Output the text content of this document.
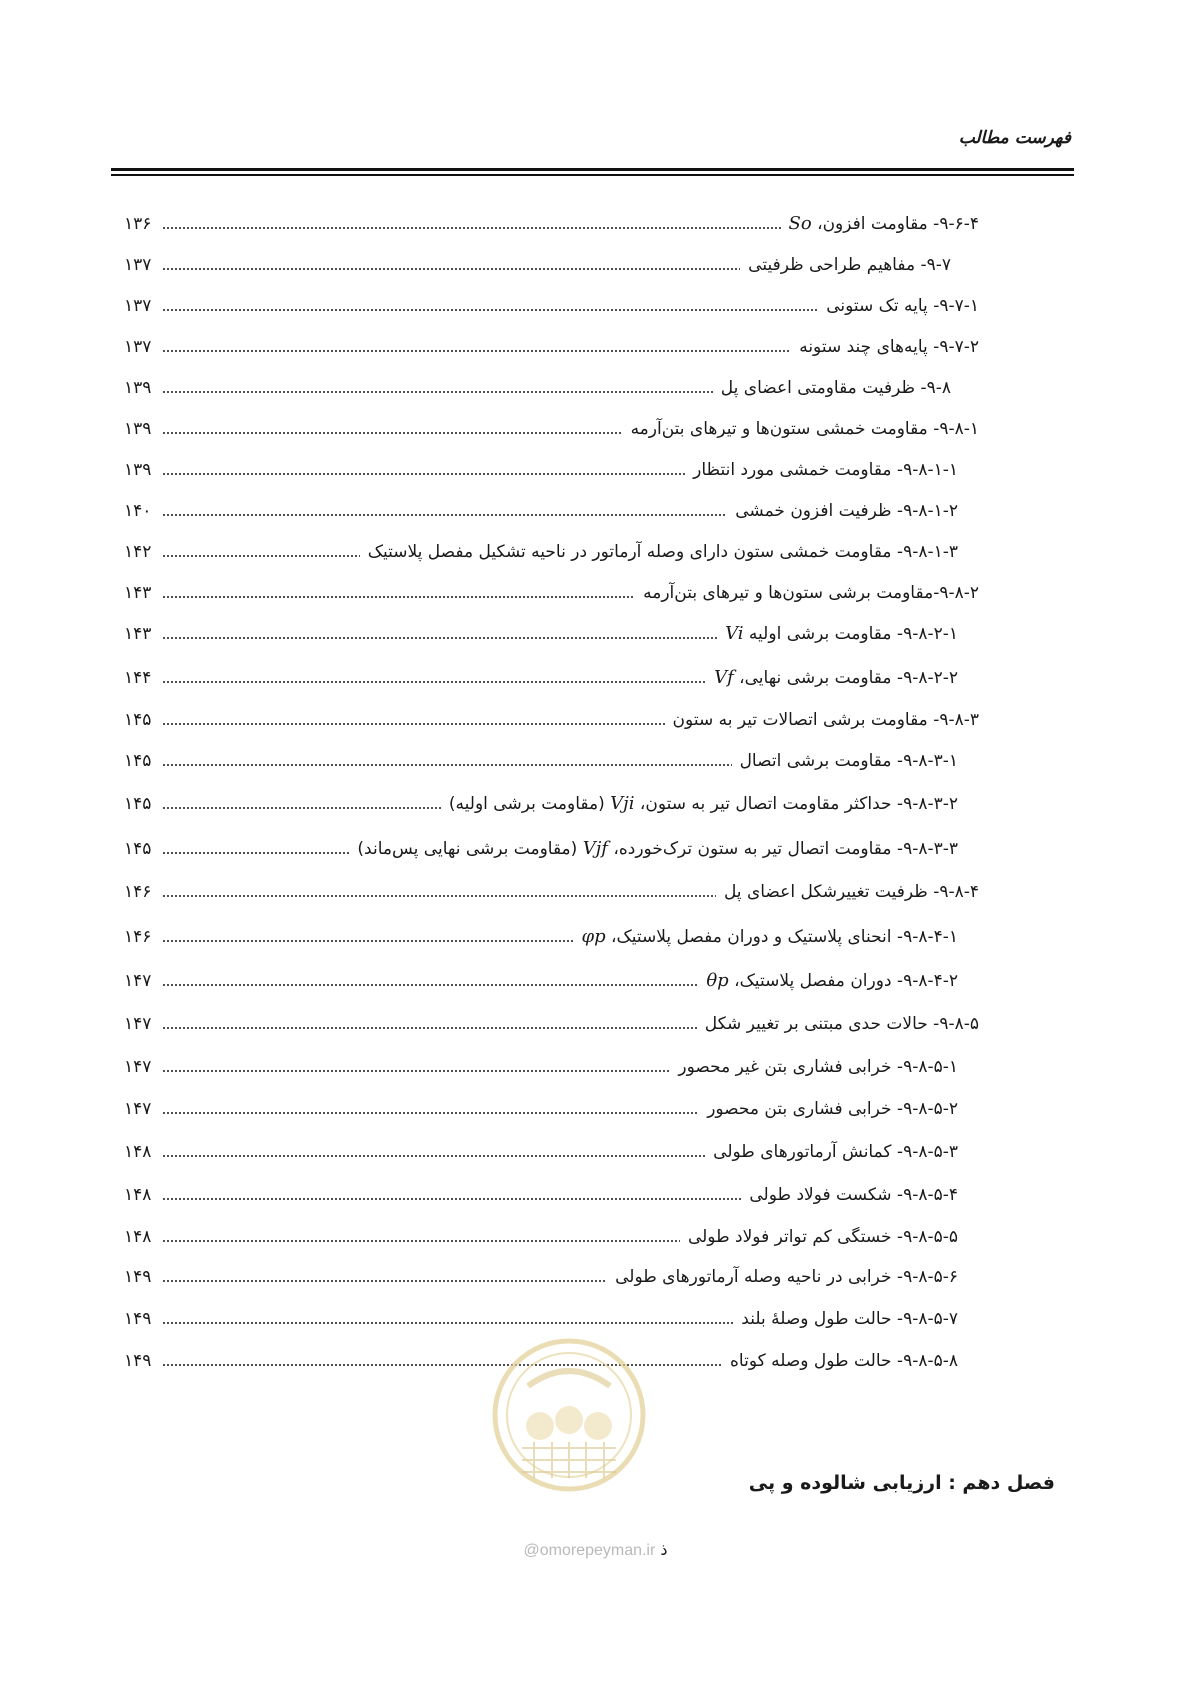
فهرست مطالب
۹-۶-۴- مقاومت افزون، So
۱۳۶
۹-۷- مفاهیم طراحی ظرفیتی
۱۳۷
۹-۷-۱- پایه تک ستونی
۱۳۷
۹-۷-۲- پایه‌های چند ستونه
۱۳۷
۹-۸- ظرفیت مقاومتی اعضای پل
۱۳۹
۹-۸-۱- مقاومت خمشی ستون‌ها و تیرهای بتن‌آرمه
۱۳۹
۹-۸-۱-۱- مقاومت خمشی مورد انتظار
۱۳۹
۹-۸-۱-۲- ظرفیت افزون خمشی
۱۴۰
۹-۸-۱-۳- مقاومت خمشی ستون دارای وصله آرماتور در ناحیه تشکیل مفصل پلاستیک
۱۴۲
۹-۸-۲-مقاومت برشی ستون‌ها و تیرهای بتن‌آرمه
۱۴۳
۹-۸-۲-۱- مقاومت برشی اولیه Vi
۱۴۳
۹-۸-۲-۲- مقاومت برشی نهایی، Vf
۱۴۴
۹-۸-۳- مقاومت برشی اتصالات تیر به ستون
۱۴۵
۹-۸-۳-۱- مقاومت برشی اتصال
۱۴۵
۹-۸-۳-۲- حداکثر مقاومت اتصال تیر به ستون، Vji (مقاومت برشی اولیه)
۱۴۵
۹-۸-۳-۳- مقاومت اتصال تیر به ستون ترک‌خورده، Vjf (مقاومت برشی نهایی پس‌ماند)
۱۴۵
۹-۸-۴- ظرفیت تغییرشکل اعضای پل
۱۴۶
۹-۸-۴-۱- انحنای پلاستیک و دوران مفصل پلاستیک، φp
۱۴۶
۹-۸-۴-۲- دوران مفصل پلاستیک، θp
۱۴۷
۹-۸-۵- حالات حدی مبتنی بر تغییر شکل
۱۴۷
۹-۸-۵-۱- خرابی فشاری بتن غیر محصور
۱۴۷
۹-۸-۵-۲- خرابی فشاری بتن محصور
۱۴۷
۹-۸-۵-۳- کمانش آرماتورهای طولی
۱۴۸
۹-۸-۵-۴- شکست فولاد طولی
۱۴۸
۹-۸-۵-۵- خستگی کم تواتر فولاد طولی
۱۴۸
۹-۸-۵-۶- خرابی در ناحیه وصله آرماتورهای طولی
۱۴۹
۹-۸-۵-۷- حالت طول وصلهٔ بلند
۱۴۹
۹-۸-۵-۸- حالت طول وصله کوتاه
۱۴۹
فصل دهم : ارزیابی شالوده و پی
@omorepeyman.ir ذ
